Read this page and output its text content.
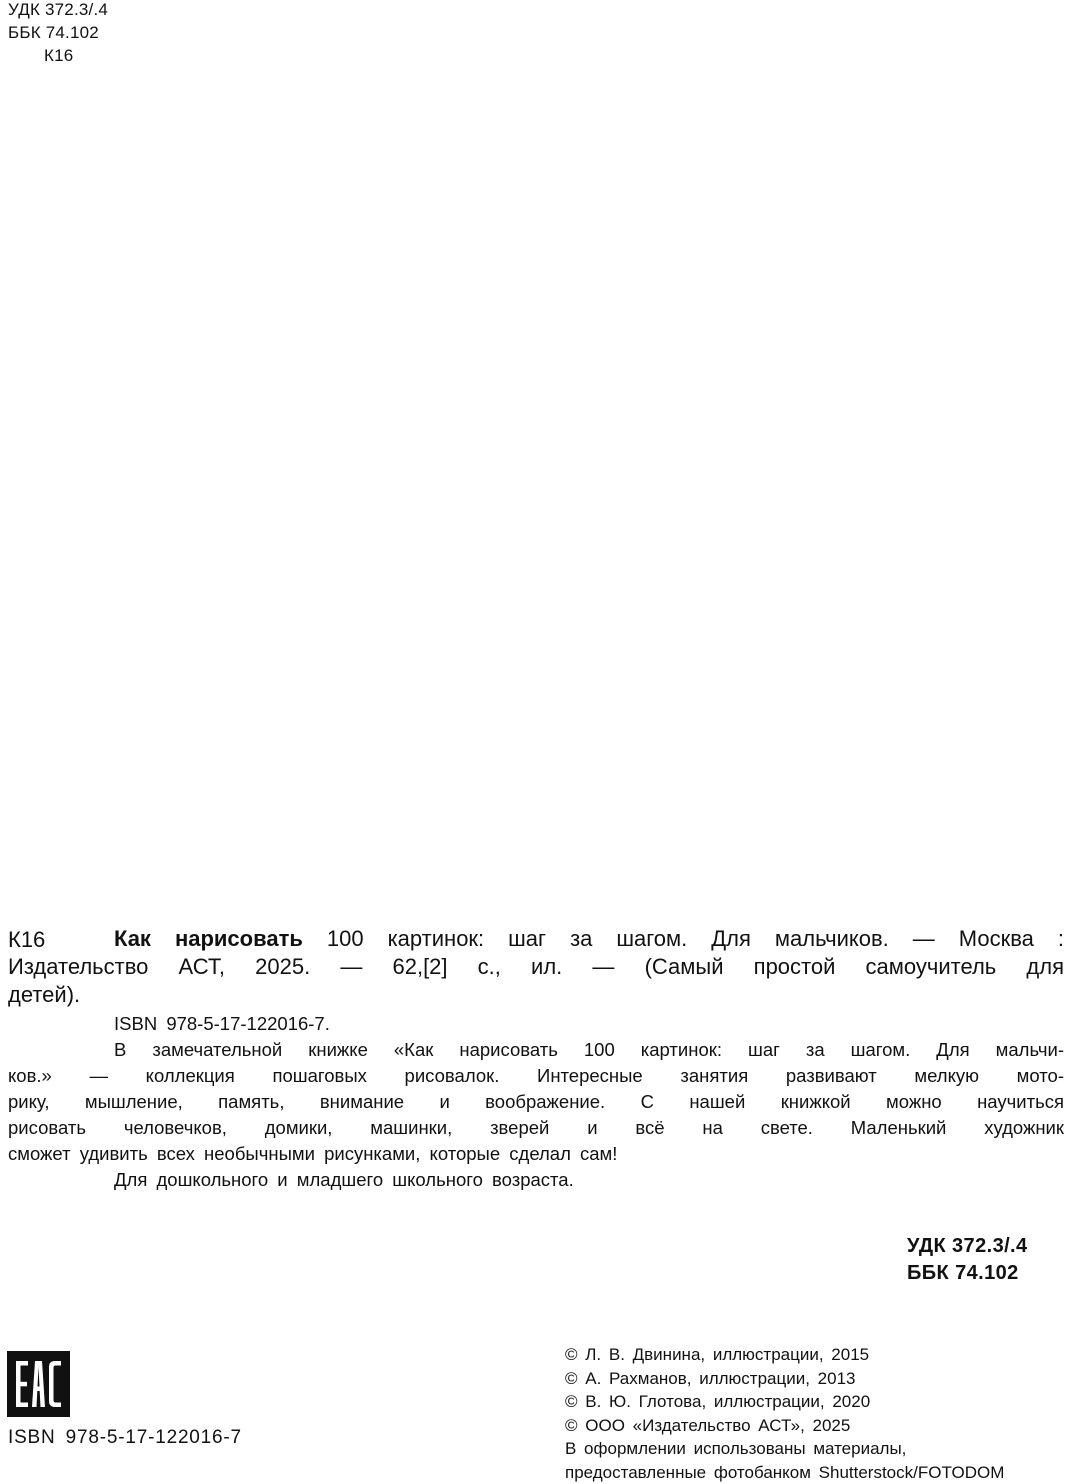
УДК 372.3/.4
ББК 74.102
К16
К16	Как нарисовать 100 картинок: шаг за шагом. Для мальчиков. — Москва :
Издательство АСТ, 2025. — 62,[2] с., ил. — (Самый простой самоучитель для
детей).
ISBN 978-5-17-122016-7.
В замечательной книжке «Как нарисовать 100 картинок: шаг за шагом. Для мальчи-
ков.» — коллекция пошаговых рисовалок. Интересные занятия развивают мелкую мото-
рику, мышление, память, внимание и воображение. С нашей книжкой можно научиться
рисовать человечков, домики, машинки, зверей и всё на свете. Маленький художник
сможет удивить всех необычными рисунками, которые сделал сам!
Для дошкольного и младшего школьного возраста.
УДК 372.3/.4
ББК 74.102
ISBN 978-5-17-122016-7
© Л. В. Двинина, иллюстрации, 2015
© А. Рахманов, иллюстрации, 2013
© В. Ю. Глотова, иллюстрации, 2020
© ООО «Издательство АСТ», 2025
В оформлении использованы материалы,
предоставленные фотобанком Shutterstock/FOTODOM
